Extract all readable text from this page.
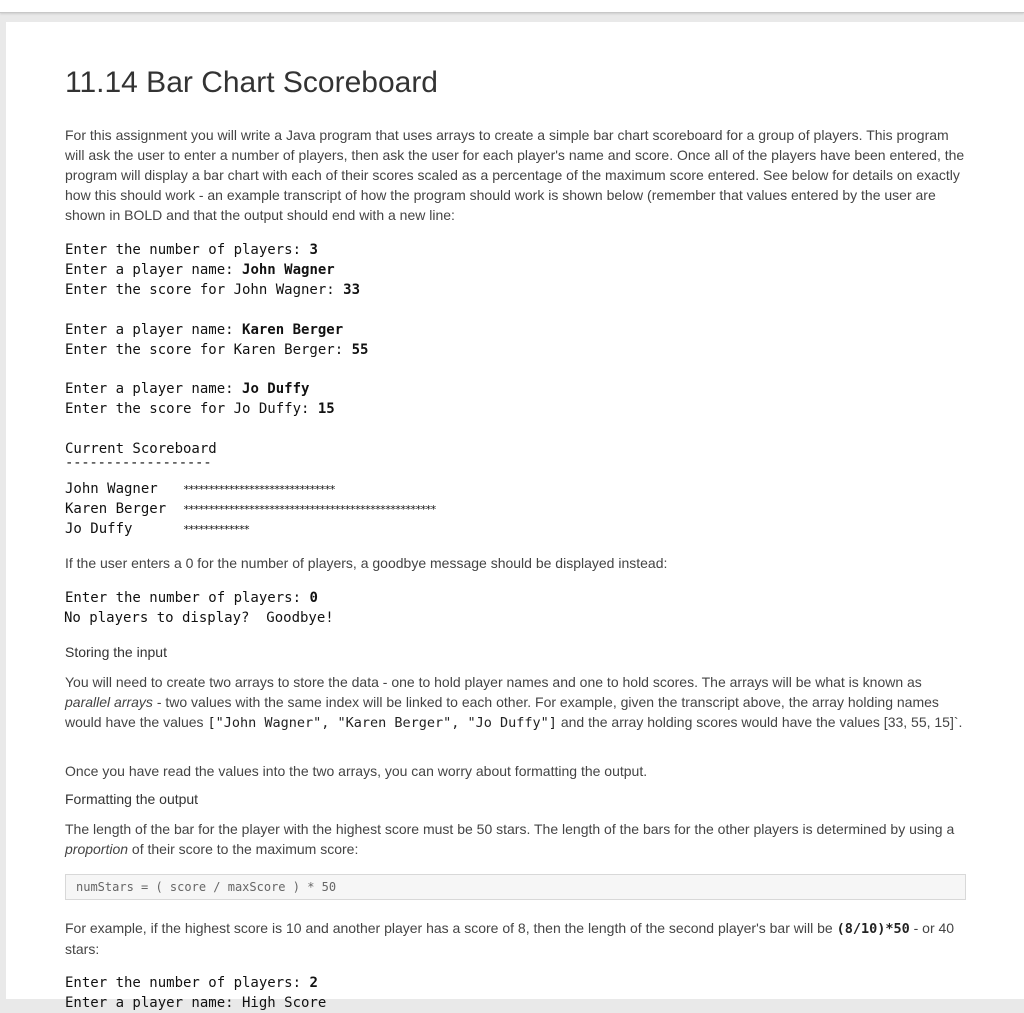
11.14 Bar Chart Scoreboard
For this assignment you will write a Java program that uses arrays to create a simple bar chart scoreboard for a group of players. This program will ask the user to enter a number of players, then ask the user for each player's name and score. Once all of the players have been entered, the program will display a bar chart with each of their scores scaled as a percentage of the maximum score entered. See below for details on exactly how this should work - an example transcript of how the program should work is shown below (remember that values entered by the user are shown in BOLD and that the output should end with a new line:
Enter the number of players: 3
Enter a player name: John Wagner
Enter the score for John Wagner: 33
Enter a player name: Karen Berger
Enter the score for Karen Berger: 55
Enter a player name: Jo Duffy
Enter the score for Jo Duffy: 15
Current Scoreboard
------------------
John Wagner ******************************
Karen Berger **************************************************
Jo Duffy	*************
If the user enters a 0 for the number of players, a goodbye message should be displayed instead:
Enter the number of players: 0
No players to display?  Goodbye!
Storing the input
You will need to create two arrays to store the data - one to hold player names and one to hold scores. The arrays will be what is known as parallel arrays - two values with the same index will be linked to each other. For example, given the transcript above, the array holding names would have the values ["John Wagner", "Karen Berger", "Jo Duffy"] and the array holding scores would have the values [33, 55, 15]`.
Once you have read the values into the two arrays, you can worry about formatting the output.
Formatting the output
The length of the bar for the player with the highest score must be 50 stars. The length of the bars for the other players is determined by using a proportion of their score to the maximum score:
numStars = ( score / maxScore ) * 50
For example, if the highest score is 10 and another player has a score of 8, then the length of the second player's bar will be (8/10)*50 - or 40 stars:
Enter the number of players: 2
Enter a player name: High Score
